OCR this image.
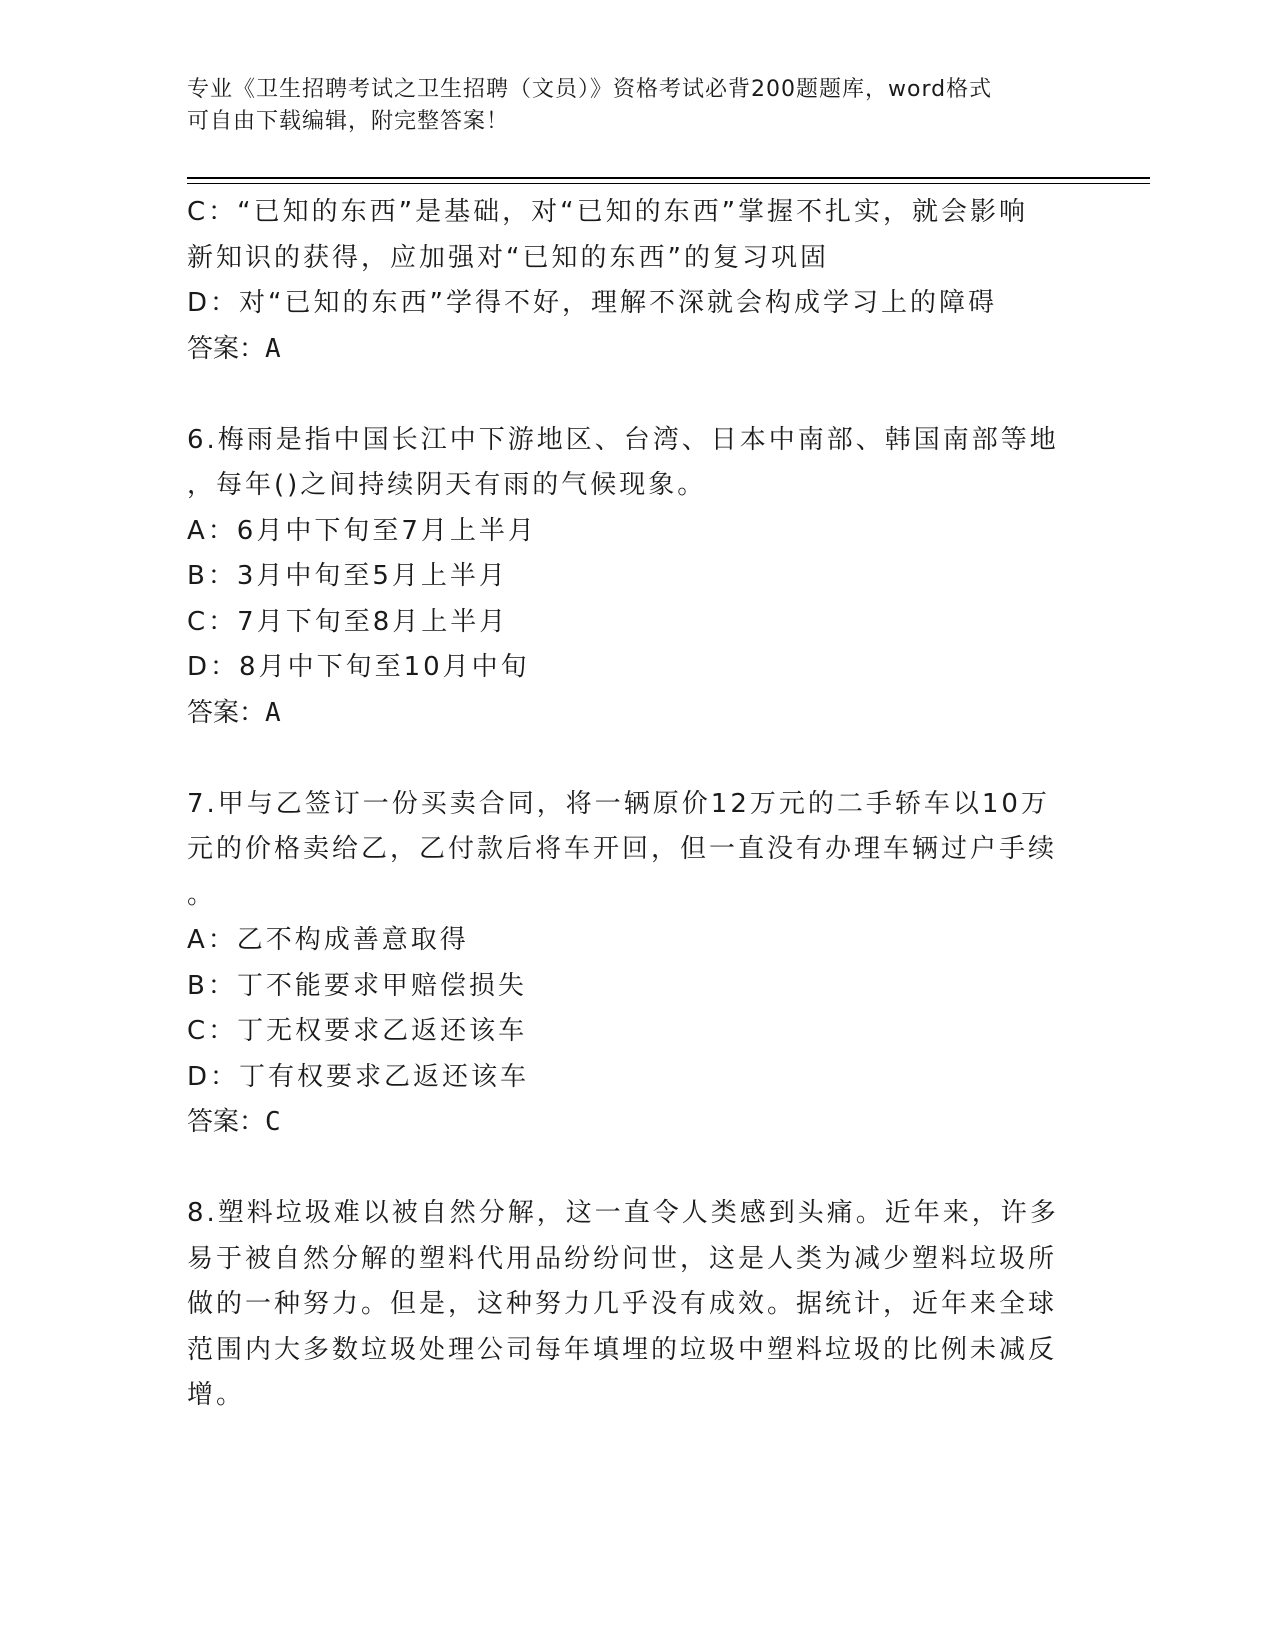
专业《卫生招聘考试之卫生招聘（文员）》资格考试必背200题题库，word格式
可自由下载编辑，附完整答案！
C：“已知的东西”是基础，对“已知的东西”掌握不扎实，就会影响
新知识的获得，应加强对“已知的东西”的复习巩固
D：对“已知的东西”学得不好，理解不深就会构成学习上的障碍
答案：A
6.梅雨是指中国长江中下游地区、台湾、日本中南部、韩国南部等地
，每年()之间持续阴天有雨的气候现象。
A：6月中下旬至7月上半月
B：3月中旬至5月上半月
C：7月下旬至8月上半月
D：8月中下旬至10月中旬
答案：A
7.甲与乙签订一份买卖合同，将一辆原价12万元的二手轿车以10万
元的价格卖给乙，乙付款后将车开回，但一直没有办理车辆过户手续
。
A：乙不构成善意取得
B：丁不能要求甲赔偿损失
C：丁无权要求乙返还该车
D：丁有权要求乙返还该车
答案：C
8.塑料垃圾难以被自然分解，这一直令人类感到头痛。近年来，许多
易于被自然分解的塑料代用品纷纷问世，这是人类为减少塑料垃圾所
做的一种努力。但是，这种努力几乎没有成效。据统计，近年来全球
范围内大多数垃圾处理公司每年填埋的垃圾中塑料垃圾的比例未减反
增。
